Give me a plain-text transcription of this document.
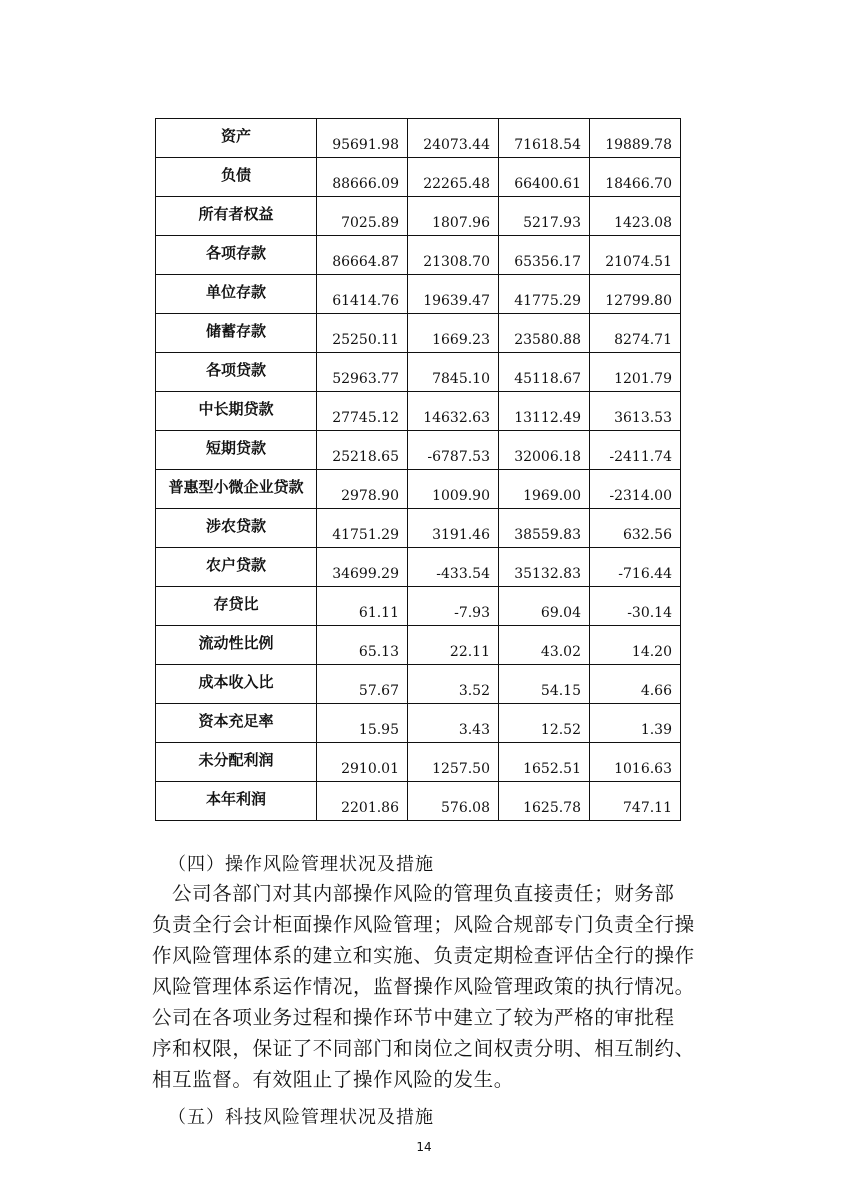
资产	95691.98	24073.44	71618.54	19889.78
负债	88666.09	22265.48	66400.61	18466.70
所有者权益	7025.89	1807.96	5217.93	1423.08
各项存款	86664.87	21308.70	65356.17	21074.51
单位存款	61414.76	19639.47	41775.29	12799.80
储蓄存款	25250.11	1669.23	23580.88	8274.71
各项贷款	52963.77	7845.10	45118.67	1201.79
中长期贷款	27745.12	14632.63	13112.49	3613.53
短期贷款	25218.65	-6787.53	32006.18	-2411.74
普惠型小微企业贷款	2978.90	1009.90	1969.00	-2314.00
涉农贷款	41751.29	3191.46	38559.83	632.56
农户贷款	34699.29	-433.54	35132.83	-716.44
存贷比	61.11	-7.93	69.04	-30.14
流动性比例	65.13	22.11	43.02	14.20
成本收入比	57.67	3.52	54.15	4.66
资本充足率	15.95	3.43	12.52	1.39
未分配利润	2910.01	1257.50	1652.51	1016.63
本年利润	2201.86	576.08	1625.78	747.11
（四）操作风险管理状况及措施
公司各部门对其内部操作风险的管理负直接责任；财务部
负责全行会计柜面操作风险管理；风险合规部专门负责全行操
作风险管理体系的建立和实施、负责定期检查评估全行的操作
风险管理体系运作情况，监督操作风险管理政策的执行情况。
公司在各项业务过程和操作环节中建立了较为严格的审批程
序和权限，保证了不同部门和岗位之间权责分明、相互制约、
相互监督。有效阻止了操作风险的发生。
（五）科技风险管理状况及措施
14
